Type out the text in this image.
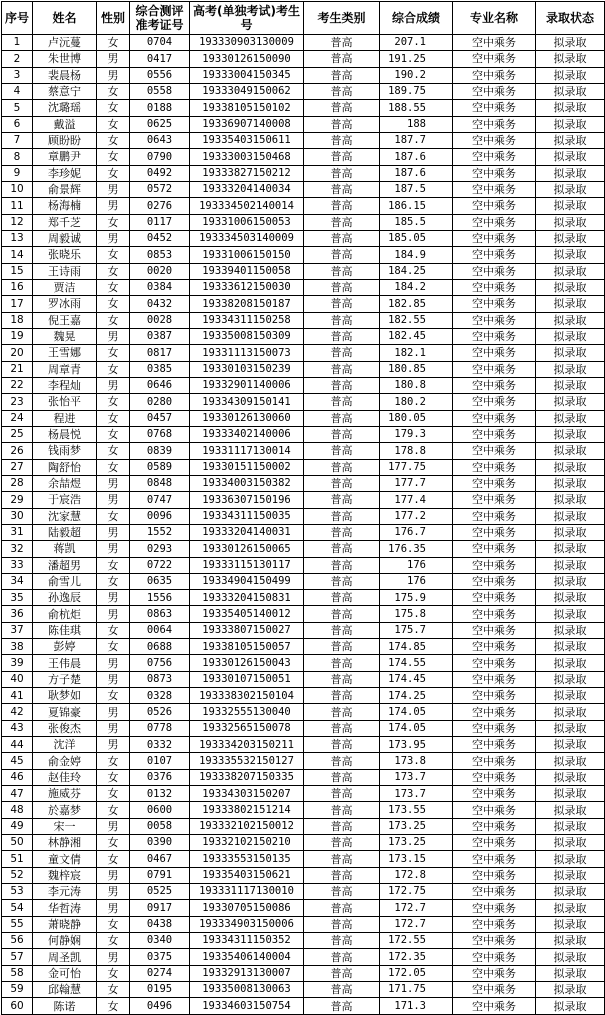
序号	姓名	性别	综合测评准考证号	高考(单独考试)考生号	考生类别	综合成绩	专业名称	录取状态
1	卢沅蔓	女	0704	193330903130009	普高	207.1	空中乘务	拟录取
2	朱世博	男	0417	19330126150090	普高	191.25	空中乘务	拟录取
3	裴晨杨	男	0556	19333004150345	普高	190.2	空中乘务	拟录取
4	蔡意宁	女	0558	19333049150062	普高	189.75	空中乘务	拟录取
5	沈璐瑶	女	0188	19338105150102	普高	188.55	空中乘务	拟录取
6	戴溢	女	0625	19336907140008	普高	188	空中乘务	拟录取
7	顾盼盼	女	0643	19335403150611	普高	187.7	空中乘务	拟录取
8	章鹏尹	女	0790	19333003150468	普高	187.6	空中乘务	拟录取
9	李珍妮	女	0492	19333827150212	普高	187.6	空中乘务	拟录取
10	俞景辉	男	0572	19333204140034	普高	187.5	空中乘务	拟录取
11	杨海楠	男	0276	193334502140014	普高	186.15	空中乘务	拟录取
12	郑千芝	女	0117	19331006150053	普高	185.5	空中乘务	拟录取
13	周毅诚	男	0452	193334503140009	普高	185.05	空中乘务	拟录取
14	张晓乐	女	0853	19331006150150	普高	184.9	空中乘务	拟录取
15	王诗雨	女	0020	19339401150058	普高	184.25	空中乘务	拟录取
16	贾洁	女	0384	19333612150030	普高	184.2	空中乘务	拟录取
17	罗冰雨	女	0432	19338208150187	普高	182.85	空中乘务	拟录取
18	倪王嘉	女	0028	19334311150258	普高	182.55	空中乘务	拟录取
19	魏晃	男	0387	19335008150309	普高	182.45	空中乘务	拟录取
20	王雪娜	女	0817	19331113150073	普高	182.1	空中乘务	拟录取
21	周章青	女	0385	19330103150239	普高	180.85	空中乘务	拟录取
22	李程灿	男	0646	19332901140006	普高	180.8	空中乘务	拟录取
23	张怡平	女	0280	19334309150141	普高	180.2	空中乘务	拟录取
24	程进	女	0457	19330126130060	普高	180.05	空中乘务	拟录取
25	杨晨悦	女	0768	19333402140006	普高	179.3	空中乘务	拟录取
26	钱雨梦	女	0839	19331117130014	普高	178.8	空中乘务	拟录取
27	陶舒怡	女	0589	19330151150002	普高	177.75	空中乘务	拟录取
28	余喆煜	男	0848	19334003150382	普高	177.7	空中乘务	拟录取
29	于宸浩	男	0747	19336307150196	普高	177.4	空中乘务	拟录取
30	沈家慧	女	0096	19334311150035	普高	177.2	空中乘务	拟录取
31	陆毅超	男	1552	19333204140031	普高	176.7	空中乘务	拟录取
32	蒋凯	男	0293	19330126150065	普高	176.35	空中乘务	拟录取
33	潘超男	女	0722	19333115130117	普高	176	空中乘务	拟录取
34	俞雪儿	女	0635	19334904150499	普高	176	空中乘务	拟录取
35	孙逸辰	男	1556	19333204150831	普高	175.9	空中乘务	拟录取
36	俞杭炬	男	0863	19335405140012	普高	175.8	空中乘务	拟录取
37	陈佳琪	女	0064	19333807150027	普高	175.7	空中乘务	拟录取
38	彭婷	女	0688	19338105150057	普高	174.85	空中乘务	拟录取
39	王伟晨	男	0756	19330126150043	普高	174.55	空中乘务	拟录取
40	方子楚	男	0873	19330107150051	普高	174.45	空中乘务	拟录取
41	耿梦如	女	0328	193338302150104	普高	174.25	空中乘务	拟录取
42	夏锦豪	男	0526	19332555130040	普高	174.05	空中乘务	拟录取
43	张俊杰	男	0778	19332565150078	普高	174.05	空中乘务	拟录取
44	沈洋	男	0332	193334203150211	普高	173.95	空中乘务	拟录取
45	俞金婷	女	0107	193335532150127	普高	173.8	空中乘务	拟录取
46	赵佳玲	女	0376	193338207150335	普高	173.7	空中乘务	拟录取
47	施威芬	女	0132	19334303150207	普高	173.7	空中乘务	拟录取
48	於嘉梦	女	0600	19333802151214	普高	173.55	空中乘务	拟录取
49	宋一	男	0058	193332102150012	普高	173.25	空中乘务	拟录取
50	林静湘	女	0390	19332102150210	普高	173.25	空中乘务	拟录取
51	童文倩	女	0467	19333553150135	普高	173.15	空中乘务	拟录取
52	魏梓宸	男	0791	19335403150621	普高	172.8	空中乘务	拟录取
53	李元涛	男	0525	193331117130010	普高	172.75	空中乘务	拟录取
54	华哲涛	男	0917	19330705150086	普高	172.7	空中乘务	拟录取
55	萧晓静	女	0438	193334903150006	普高	172.7	空中乘务	拟录取
56	何静娴	女	0340	19334311150352	普高	172.55	空中乘务	拟录取
57	周圣凯	男	0375	19335406140004	普高	172.35	空中乘务	拟录取
58	金可怡	女	0274	19332913130007	普高	172.05	空中乘务	拟录取
59	邱翰慧	女	0195	19335008130063	普高	171.75	空中乘务	拟录取
60	陈诺	女	0496	19334603150754	普高	171.3	空中乘务	拟录取
